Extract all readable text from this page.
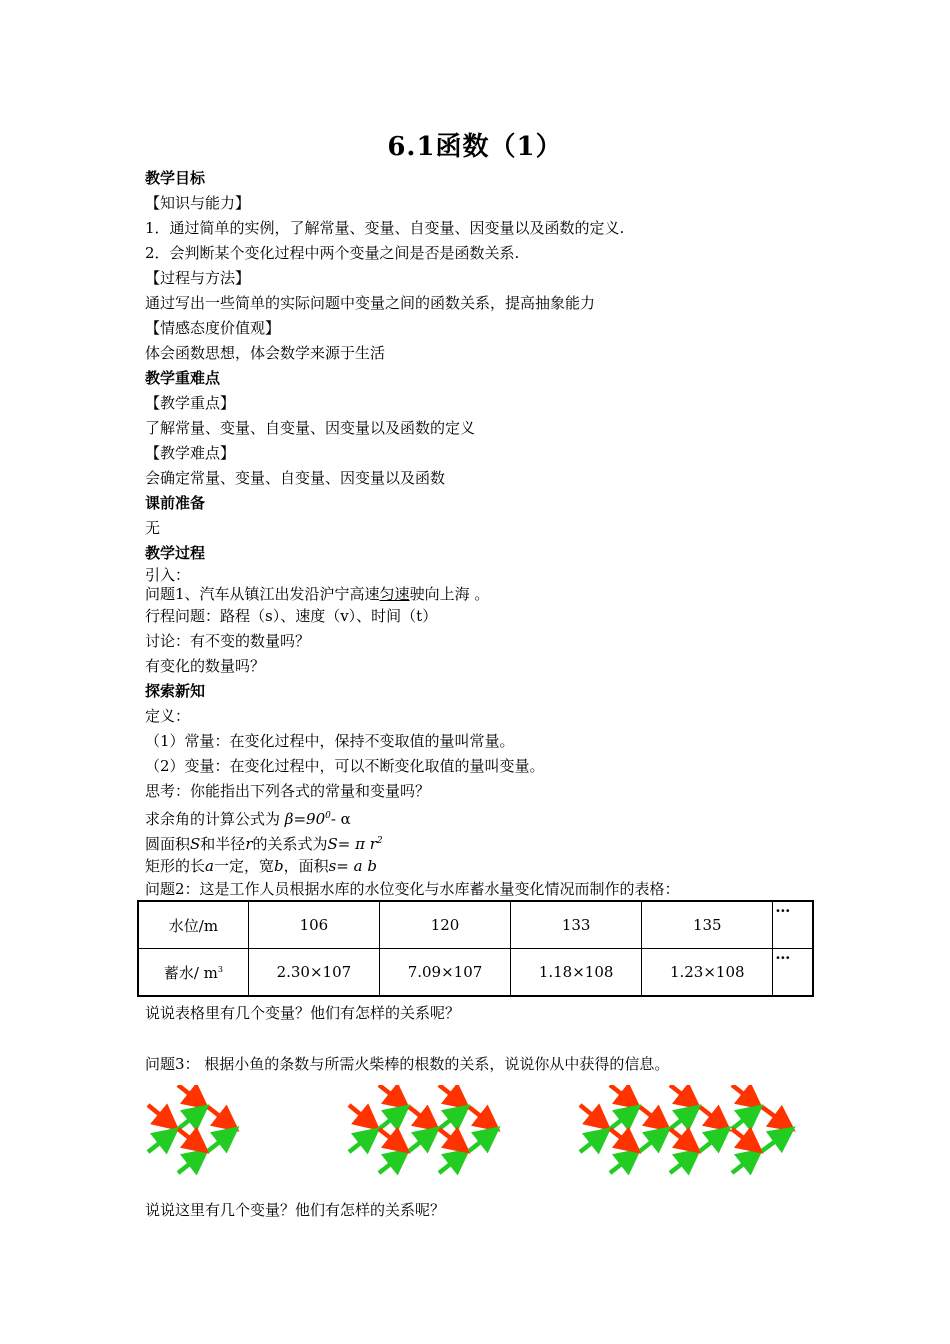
6.1函数（1）
教学目标
【知识与能力】
1．通过简单的实例，了解常量、变量、自变量、因变量以及函数的定义.
2．会判断某个变化过程中两个变量之间是否是函数关系.
【过程与方法】
通过写出一些简单的实际问题中变量之间的函数关系，提高抽象能力
【情感态度价值观】
体会函数思想，体会数学来源于生活
教学重难点
【教学重点】
了解常量、变量、自变量、因变量以及函数的定义
【教学难点】
会确定常量、变量、自变量、因变量以及函数
课前准备
无
教学过程
引入：
问题1、汽车从镇江出发沿沪宁高速匀速驶向上海 。
行程问题：路程（s）、速度（v）、时间（t）
讨论：有不变的数量吗？
有变化的数量吗？
探索新知
定义：
（1）常量：在变化过程中，保持不变取值的量叫常量。
（2）变量：在变化过程中，可以不断变化取值的量叫变量。
思考：你能指出下列各式的常量和变量吗？
求余角的计算公式为 $\beta=90^0-$ α
圆面积S和半径r的关系式为S= π $r^2$
矩形的长a一定，宽b，面积s= a b
问题2：这是工作人员根据水库的水位变化与水库蓄水量变化情况而制作的表格：
水位/m	106	120	133	135	…
蓄水/ $m^3$	2.30×107	7.09×107	1.18×108	1.23×108	…
说说表格里有几个变量？他们有怎样的关系呢？
问题3： 根据小鱼的条数与所需火柴棒的根数的关系，说说你从中获得的信息。
说说这里有几个变量？他们有怎样的关系呢？
